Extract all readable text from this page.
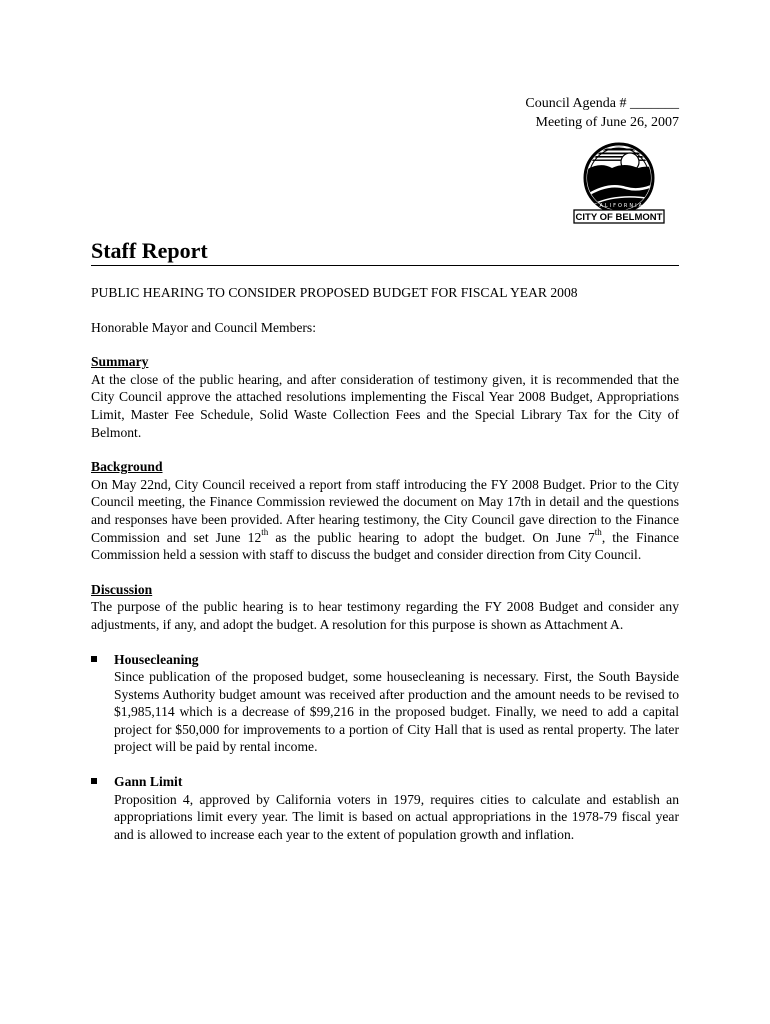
Council Agenda # _______
Meeting of June 26, 2007
CALIFORNIA
CITY OF BELMONT
Staff Report

PUBLIC HEARING TO CONSIDER PROPOSED BUDGET FOR FISCAL YEAR 2008

Honorable Mayor and Council Members:

Summary
At the close of the public hearing, and after consideration of testimony given, it is recommended that the City Council approve the attached resolutions implementing the Fiscal Year 2008 Budget, Appropriations Limit, Master Fee Schedule, Solid Waste Collection Fees and the Special Library Tax for the City of Belmont.
Background
On May 22nd, City Council received a report from staff introducing the FY 2008 Budget. Prior to the City Council meeting, the Finance Commission reviewed the document on May 17th in detail and the questions and responses have been provided. After hearing testimony, the City Council gave direction to the Finance Commission and set June 12th as the public hearing to adopt the budget. On June 7th, the Finance Commission held a session with staff to discuss the budget and consider direction from City Council.
Discussion
The purpose of the public hearing is to hear testimony regarding the FY 2008 Budget and consider any adjustments, if any, and adopt the budget. A resolution for this purpose is shown as Attachment A.
Housecleaning
Since publication of the proposed budget, some housecleaning is necessary. First, the South Bayside Systems Authority budget amount was received after production and the amount needs to be revised to $1,985,114 which is a decrease of $99,216 in the proposed budget. Finally, we need to add a capital project for $50,000 for improvements to a portion of City Hall that is used as rental property. The later project will be paid by rental income.
Gann Limit
Proposition 4, approved by California voters in 1979, requires cities to calculate and establish an appropriations limit every year. The limit is based on actual appropriations in the 1978-79 fiscal year and is allowed to increase each year to the extent of population growth and inflation.
